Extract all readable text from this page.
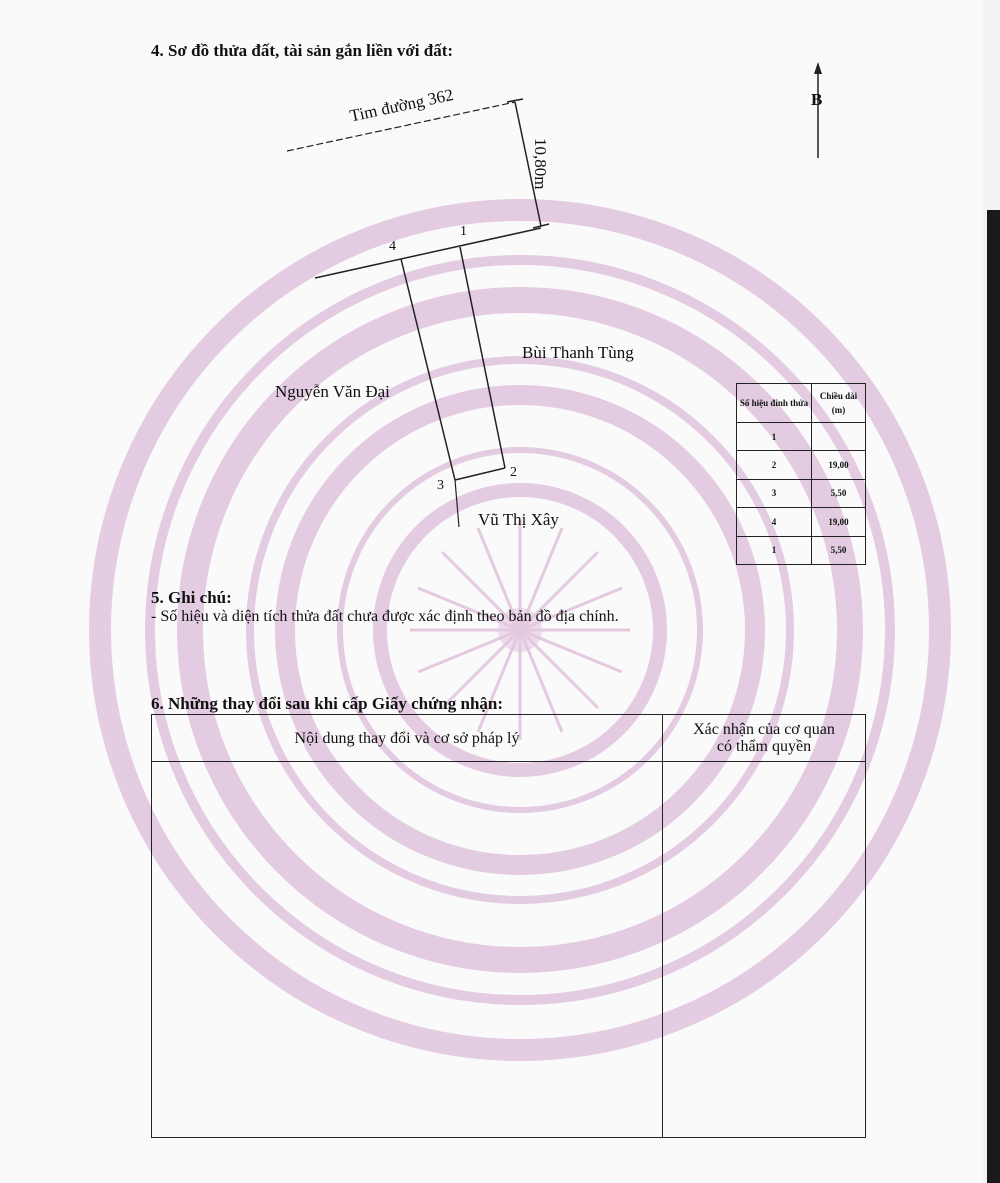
4. Sơ đồ thửa đất, tài sản gắn liền với đất:
Tim đường 362
10,80m
B
1
4
2
3
Bùi Thanh Tùng
Nguyễn Văn Đại
Vũ Thị Xây
Số hiệu đỉnh thửa	Chiều dài (m)
1	
2	19,00
3	5,50
4	19,00
1	5,50
5. Ghi chú:
- Số hiệu và diện tích thửa đất chưa được xác định theo bản đồ địa chính.
6. Những thay đổi sau khi cấp Giấy chứng nhận:
Nội dung thay đổi và cơ sở pháp lý	Xác nhận của cơ quan
có thẩm quyền
